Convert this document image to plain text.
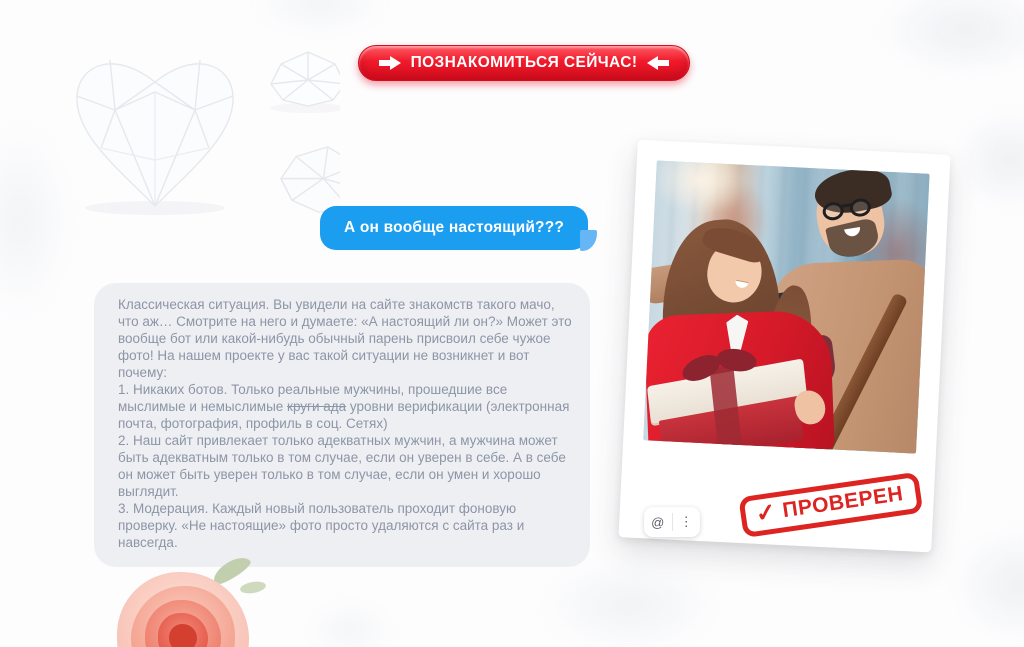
ПОЗНАКОМИТЬСЯ СЕЙЧАС!
А он вообще настоящий???

Классическая ситуация. Вы увидели на сайте знакомств такого мачо, что аж… Смотрите на него и думаете: «А настоящий ли он?» Может это вообще бот или какой-нибудь обычный парень присвоил себе чужое фото! На нашем проекте у вас такой ситуации не возникнет и вот почему:

1. Никаких ботов. Только реальные мужчины, прошедшие все мыслимые и немыслимые круги ада уровни верификации (электронная почта, фотография, профиль в соц. Сетях)

2. Наш сайт привлекает только адекватных мужчин, а мужчина может быть адекватным только в том случае, если он уверен в себе. А в себе он может быть уверен только в том случае, если он умен и хорошо выглядит.

3. Модерация. Каждый новый пользователь проходит фоновую проверку. «Не настоящие» фото просто удаляются с сайта раз и навсегда.

✓ ПРОВЕРЕН
@	⋮
